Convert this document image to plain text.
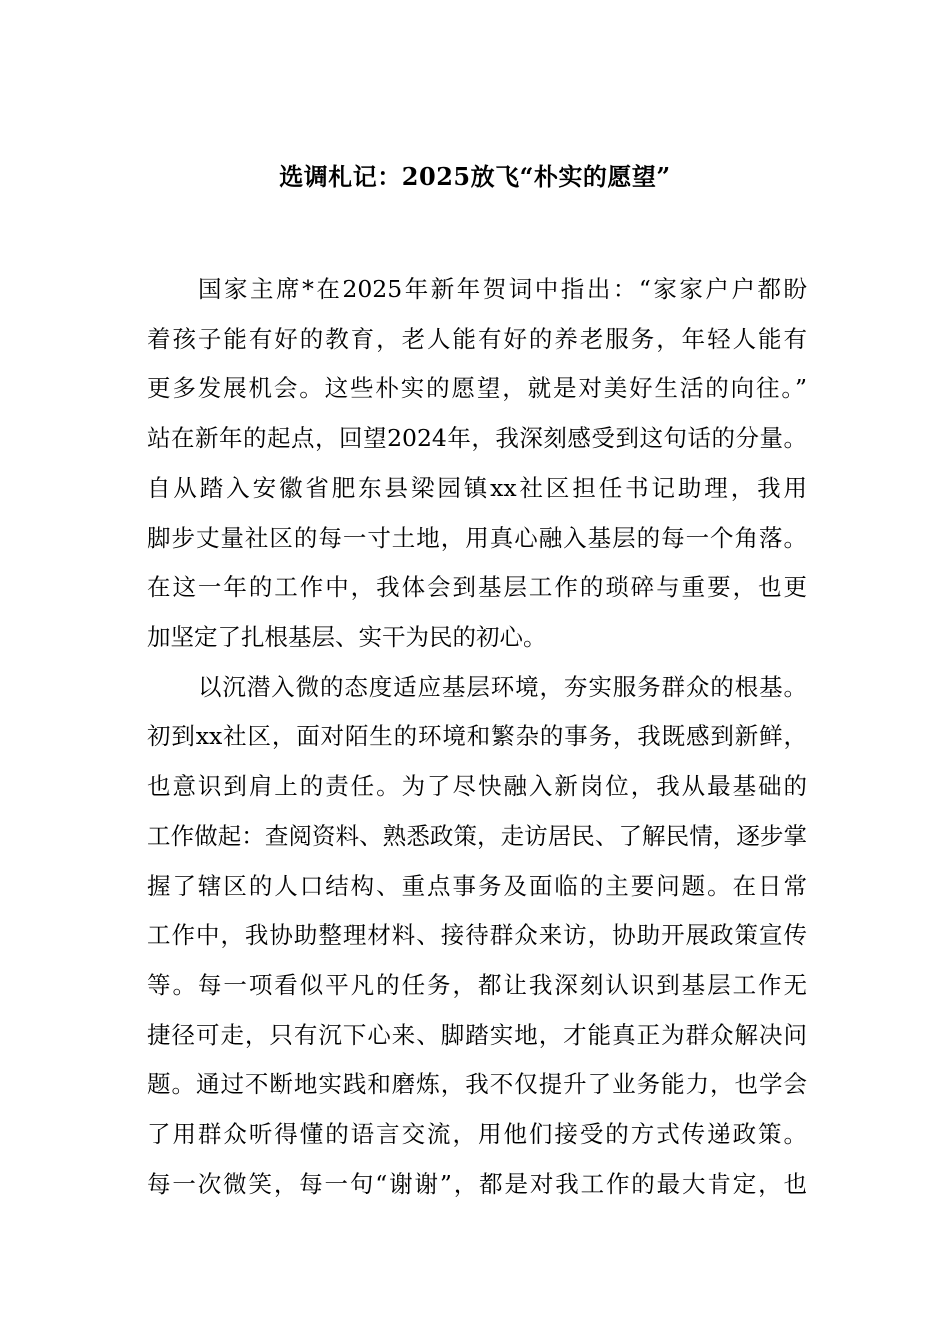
选调札记：2025放飞“朴实的愿望”
国家主席*在2025年新年贺词中指出：“家家户户都盼
着孩子能有好的教育，老人能有好的养老服务，年轻人能有
更多发展机会。这些朴实的愿望，就是对美好生活的向往。”
站在新年的起点，回望2024年，我深刻感受到这句话的分量。
自从踏入安徽省肥东县梁园镇xx社区担任书记助理，我用
脚步丈量社区的每一寸土地，用真心融入基层的每一个角落。
在这一年的工作中，我体会到基层工作的琐碎与重要，也更
加坚定了扎根基层、实干为民的初心。
以沉潜入微的态度适应基层环境，夯实服务群众的根基。
初到xx社区，面对陌生的环境和繁杂的事务，我既感到新鲜，
也意识到肩上的责任。为了尽快融入新岗位，我从最基础的
工作做起：查阅资料、熟悉政策，走访居民、了解民情，逐步掌
握了辖区的人口结构、重点事务及面临的主要问题。在日常
工作中，我协助整理材料、接待群众来访，协助开展政策宣传
等。每一项看似平凡的任务，都让我深刻认识到基层工作无
捷径可走，只有沉下心来、脚踏实地，才能真正为群众解决问
题。通过不断地实践和磨炼，我不仅提升了业务能力，也学会
了用群众听得懂的语言交流，用他们接受的方式传递政策。
每一次微笑，每一句“谢谢”，都是对我工作的最大肯定，也
